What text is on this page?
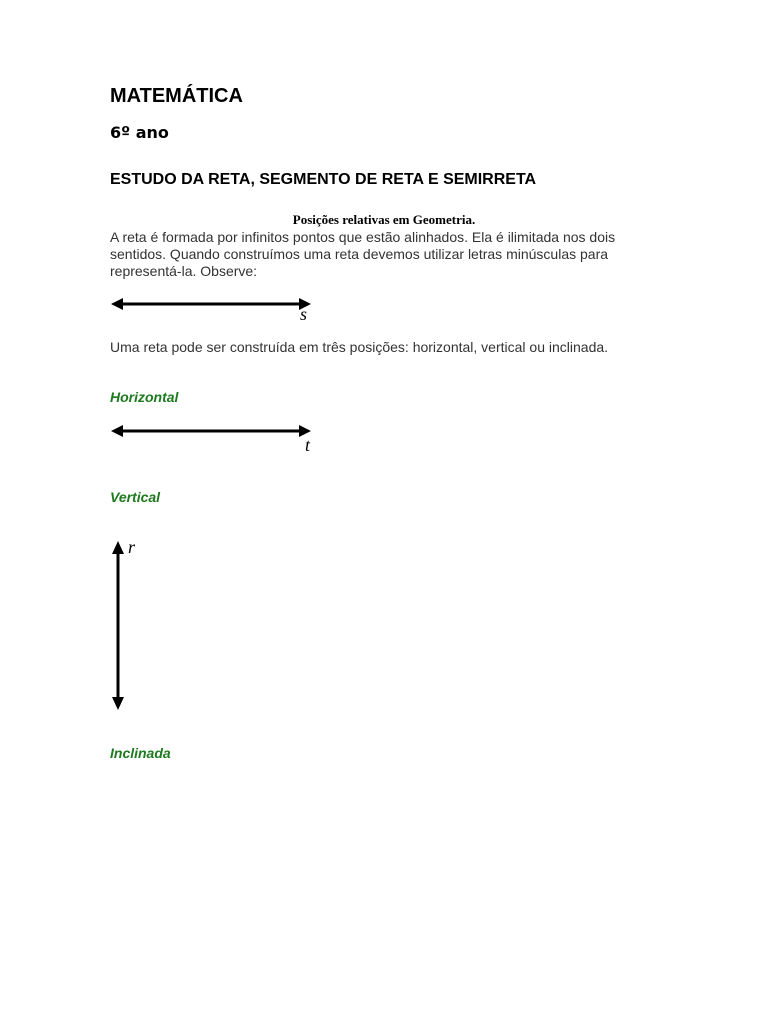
MATEMÁTICA
6º ano
ESTUDO DA RETA, SEGMENTO DE RETA E SEMIRRETA
Posições relativas em Geometria.
A reta é formada por infinitos pontos que estão alinhados. Ela é ilimitada nos dois sentidos. Quando construímos uma reta devemos utilizar letras minúsculas para representá-la. Observe:
s
Uma reta pode ser construída em três posições: horizontal, vertical ou inclinada.
Horizontal
t
Vertical
r
Inclinada
